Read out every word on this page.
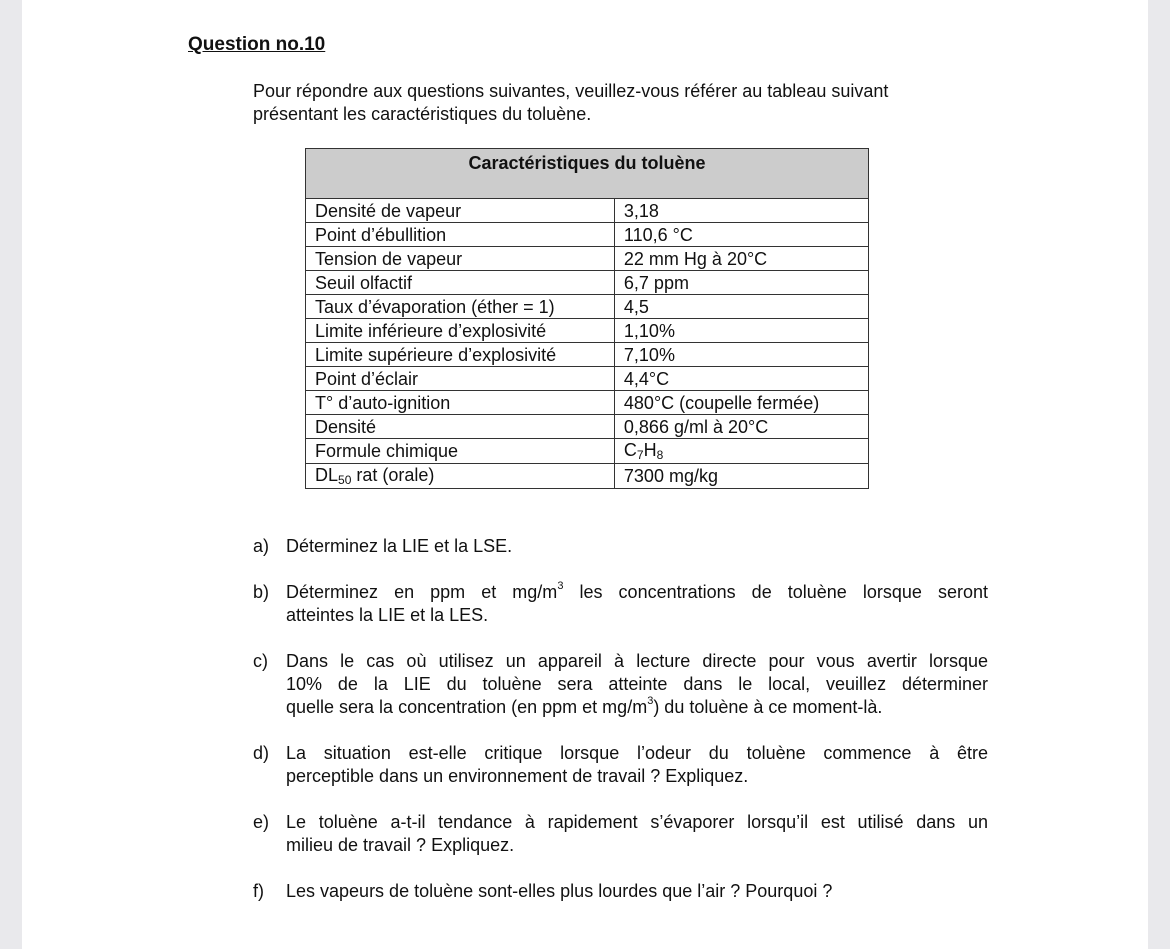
Question no.10
Pour répondre aux questions suivantes, veuillez-vous référer au tableau suivant
présentant les caractéristiques du toluène.
Caractéristiques du toluène	
Densité de vapeur	3,18
Point d’ébullition	110,6 °C
Tension de vapeur	22 mm Hg à 20°C
Seuil olfactif	6,7 ppm
Taux d’évaporation (éther = 1)	4,5
Limite inférieure d’explosivité	1,10%
Limite supérieure d’explosivité	7,10%
Point d’éclair	4,4°C
T° d’auto-ignition	480°C (coupelle fermée)
Densité	0,866 g/ml à 20°C
Formule chimique	C7H8
DL50 rat (orale)	7300 mg/kg
a) Déterminez la LIE et la LSE.
b) Déterminez en ppm et $mg/m^3$ les concentrations de toluène lorsque seront
atteintes la LIE et la LES.
c) Dans le cas où utilisez un appareil à lecture directe pour vous avertir lorsque
10% de la LIE du toluène sera atteinte dans le local, veuillez déterminer
quelle sera la concentration (en ppm et $mg/m^3$) du toluène à ce moment-là.
d) La situation est-elle critique lorsque l’odeur du toluène commence à être
perceptible dans un environnement de travail ? Expliquez.
e) Le toluène a-t-il tendance à rapidement s’évaporer lorsqu’il est utilisé dans un
milieu de travail ? Expliquez.
f) Les vapeurs de toluène sont-elles plus lourdes que l’air ? Pourquoi ?
